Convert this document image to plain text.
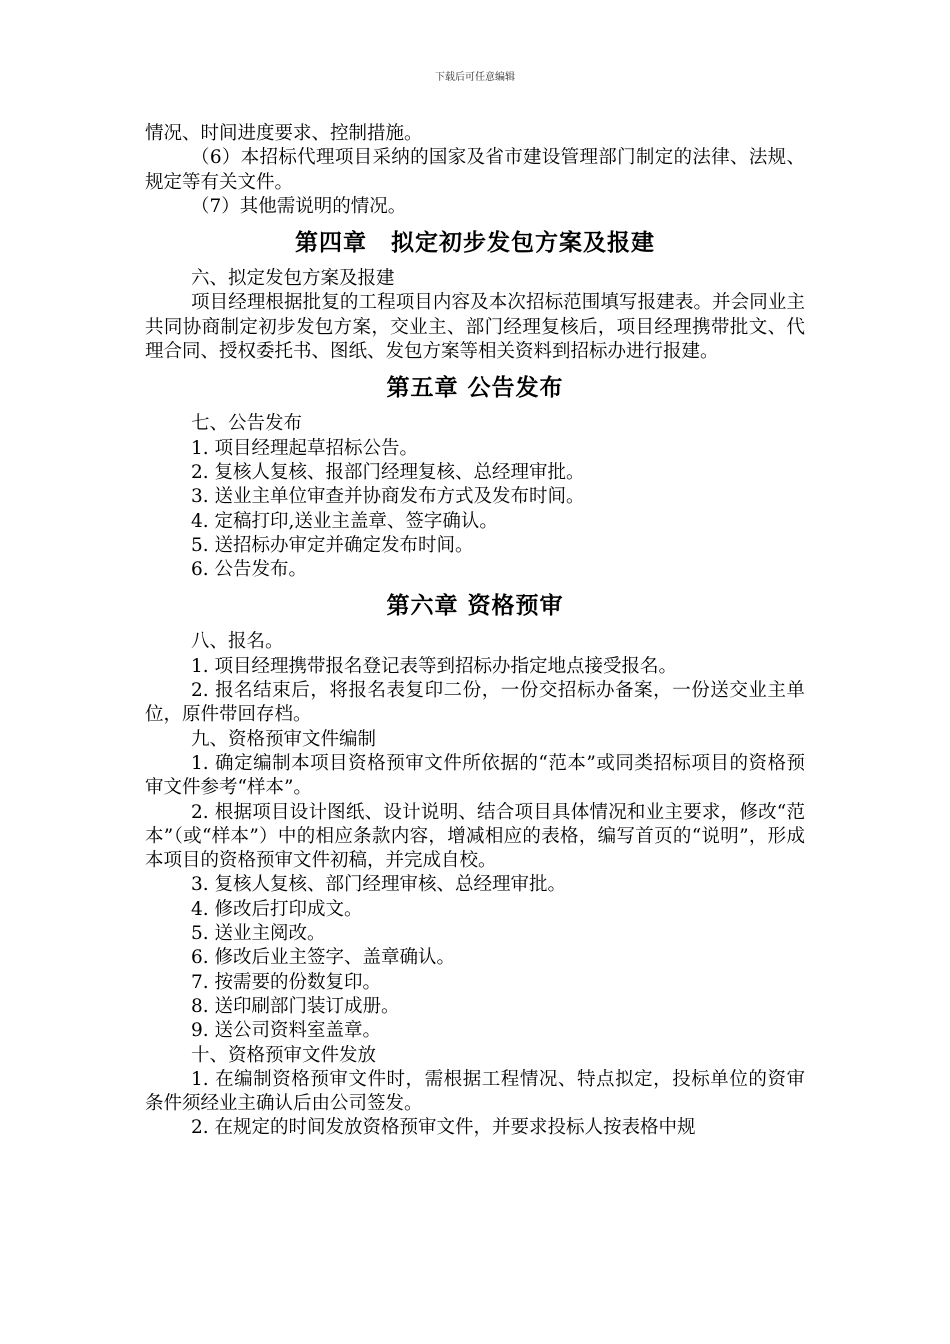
下载后可任意编辑

情况、时间进度要求、控制措施。

（6）本招标代理项目采纳的国家及省市建设管理部门制定的法律、法规、规定等有关文件。

（7）其他需说明的情况。

第四章　拟定初步发包方案及报建

六、拟定发包方案及报建

项目经理根据批复的工程项目内容及本次招标范围填写报建表。并会同业主共同协商制定初步发包方案，交业主、部门经理复核后，项目经理携带批文、代理合同、授权委托书、图纸、发包方案等相关资料到招标办进行报建。

第五章 公告发布

七、公告发布

1. 项目经理起草招标公告。

2. 复核人复核、报部门经理复核、总经理审批。

3. 送业主单位审查并协商发布方式及发布时间。

4. 定稿打印,送业主盖章、签字确认。

5. 送招标办审定并确定发布时间。

6. 公告发布。

第六章 资格预审

八、报名。

1. 项目经理携带报名登记表等到招标办指定地点接受报名。

2. 报名结束后，将报名表复印二份，一份交招标办备案，一份送交业主单位，原件带回存档。

九、资格预审文件编制

1. 确定编制本项目资格预审文件所依据的“范本”或同类招标项目的资格预审文件参考“样本”。

2. 根据项目设计图纸、设计说明、结合项目具体情况和业主要求，修改“范本”（或“样本”）中的相应条款内容，增减相应的表格，编写首页的“说明”，形成本项目的资格预审文件初稿，并完成自校。

3. 复核人复核、部门经理审核、总经理审批。

4. 修改后打印成文。

5. 送业主阅改。

6. 修改后业主签字、盖章确认。

7. 按需要的份数复印。

8. 送印刷部门装订成册。

9. 送公司资料室盖章。

十、资格预审文件发放

1. 在编制资格预审文件时，需根据工程情况、特点拟定，投标单位的资审条件须经业主确认后由公司签发。

2. 在规定的时间发放资格预审文件，并要求投标人按表格中规
